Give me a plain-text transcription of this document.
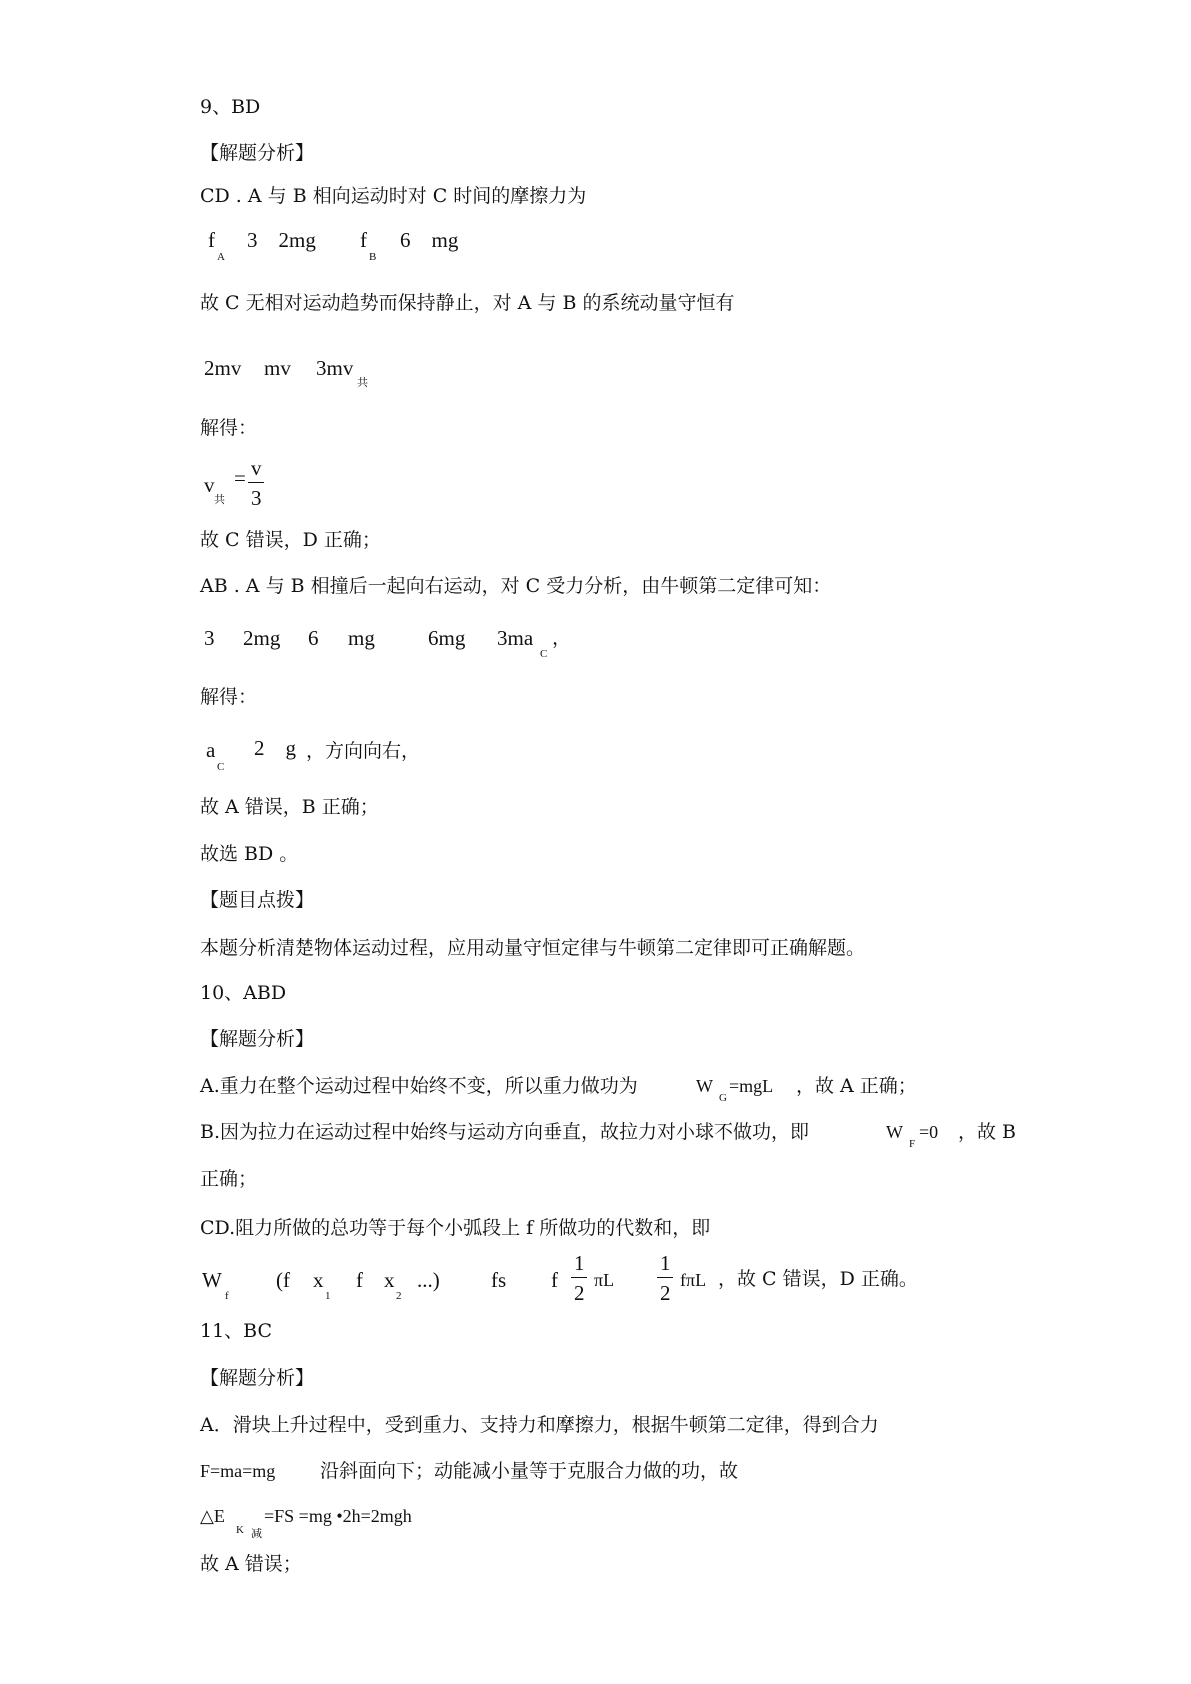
9、BD

【解题分析】

CD . A 与 B 相向运动时对 C 时间的摩擦力为

f
A
3　2mg f
B
6　mg

故 C 无相对运动趋势而保持静止，对 A 与 B 的系统动量守恒有

2mv mv 3mv
共

解得：

v
共
= v
3

故 C 错误，D 正确；

AB . A 与 B 相撞后一起向右运动，对 C 受力分析，由牛顿第二定律可知：

3 2mg 6 mg	6mg 3ma
C
，

解得：

a
C
2　g ，方向向右，

故 A 错误，B 正确；

故选 BD 。

【题目点拨】

本题分析清楚物体运动过程，应用动量守恒定律与牛顿第二定律即可正确解题。

10、ABD

【解题分析】

A.重力在整个运动过程中始终不变，所以重力做功为	W
G
=mgL ，故 A 正确；

B.因为拉力在运动过程中始终与运动方向垂直，故拉力对小球不做功，即	W
F
=0 ，故 B

正确；

CD.阻力所做的总功等于每个小弧段上 f 所做功的代数和，即

W
f
(f x
1
f x
2
...) fs f
1
2
πL
1
2
fπL ，故 C 错误，D 正确。

11、BC

【解题分析】

A．滑块上升过程中，受到重力、支持力和摩擦力，根据牛顿第二定律，得到合力

F=ma=mg 沿斜面向下；动能减小量等于克服合力做的功，故
△E
K 减
=FS =mg •2h=2mgh

故 A 错误；
